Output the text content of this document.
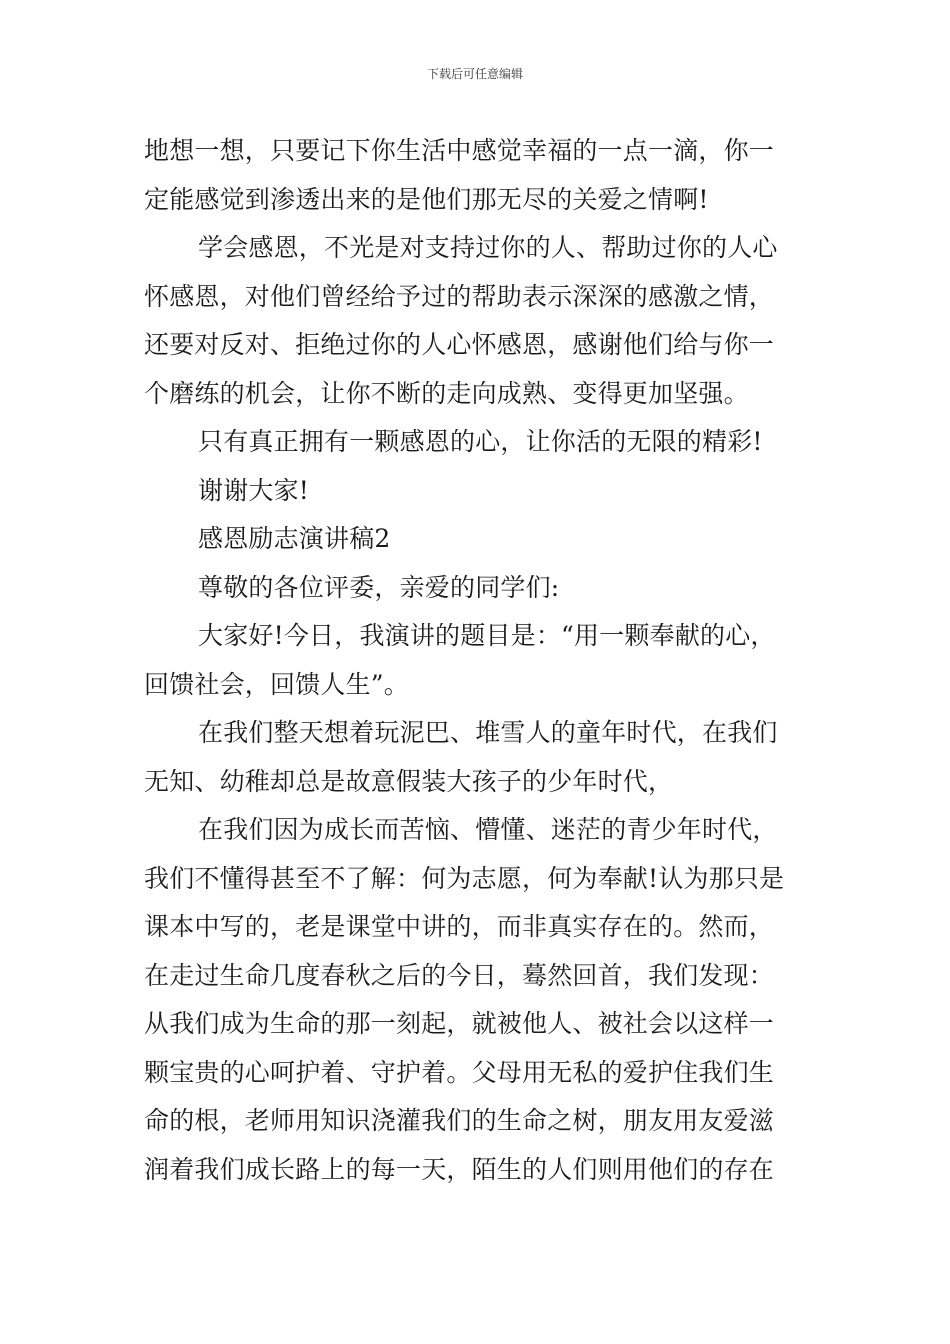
下载后可任意编辑
地想一想，只要记下你生活中感觉幸福的一点一滴，你一
定能感觉到渗透出来的是他们那无尽的关爱之情啊!
学会感恩，不光是对支持过你的人、帮助过你的人心
怀感恩，对他们曾经给予过的帮助表示深深的感激之情，
还要对反对、拒绝过你的人心怀感恩，感谢他们给与你一
个磨练的机会，让你不断的走向成熟、变得更加坚强。
只有真正拥有一颗感恩的心，让你活的无限的精彩!
谢谢大家!
感恩励志演讲稿2
尊敬的各位评委，亲爱的同学们:
大家好!今日，我演讲的题目是：“用一颗奉献的心，
回馈社会，回馈人生”。
在我们整天想着玩泥巴、堆雪人的童年时代，在我们
无知、幼稚却总是故意假装大孩子的少年时代，
在我们因为成长而苦恼、懵懂、迷茫的青少年时代，
我们不懂得甚至不了解：何为志愿，何为奉献!认为那只是
课本中写的，老是课堂中讲的，而非真实存在的。然而，
在走过生命几度春秋之后的今日，蓦然回首，我们发现：
从我们成为生命的那一刻起，就被他人、被社会以这样一
颗宝贵的心呵护着、守护着。父母用无私的爱护住我们生
命的根，老师用知识浇灌我们的生命之树，朋友用友爱滋
润着我们成长路上的每一天，陌生的人们则用他们的存在
